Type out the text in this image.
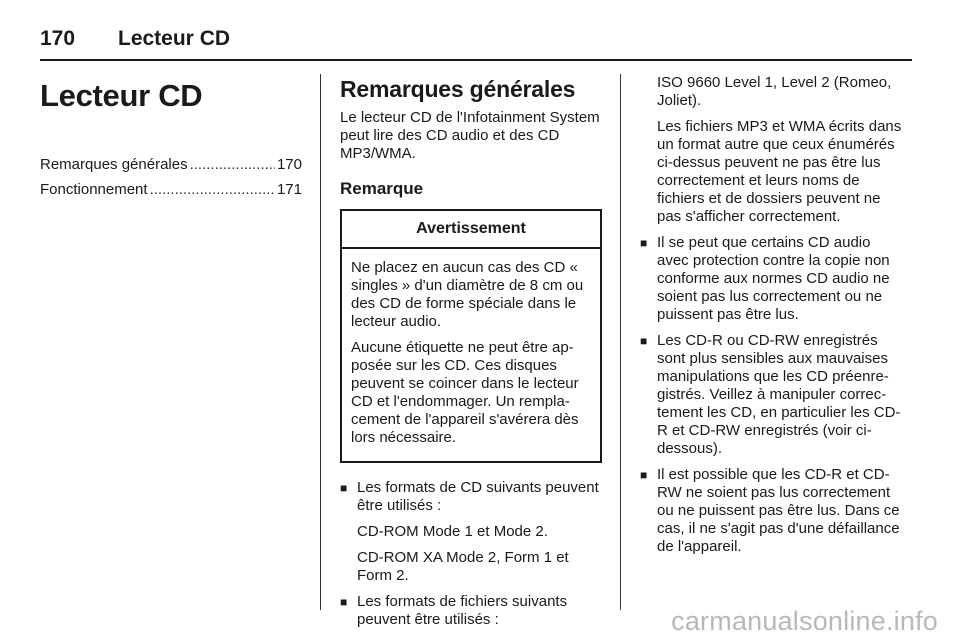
170	Lecteur CD
Lecteur CD
Remarques générales .....	170
Fonctionnement .....	171
Remarques générales

Le lecteur CD de l'Infotainment System peut lire des CD audio et des CD MP3/WMA.

Remarque
Avertissement

Ne placez en aucun cas des CD « singles » d'un diamètre de 8 cm ou des CD de forme spéciale dans le lecteur audio.

Aucune étiquette ne peut être apposée sur les CD. Ces disques peuvent se coincer dans le lecteur CD et l'endommager. Un remplacement de l'appareil s'avérera dès lors nécessaire.

■ Les formats de CD suivants peuvent être utilisés :

CD-ROM Mode 1 et Mode 2.

CD-ROM XA Mode 2, Form 1 et Form 2.

■ Les formats de fichiers suivants peuvent être utilisés :

ISO 9660 Level 1, Level 2 (Romeo, Joliet).

Les fichiers MP3 et WMA écrits dans un format autre que ceux énumérés ci-dessus peuvent ne pas être lus correctement et leurs noms de fichiers et de dossiers peuvent ne pas s'afficher correctement.

■ Il se peut que certains CD audio avec protection contre la copie non conforme aux normes CD audio ne soient pas lus correctement ou ne puissent pas être lus.

■ Les CD-R ou CD-RW enregistrés sont plus sensibles aux mauvaises manipulations que les CD préenregistrés. Veillez à manipuler correctement les CD, en particulier les CD-R et CD-RW enregistrés (voir ci-dessous).

■ Il est possible que les CD-R et CD-RW ne soient pas lus correctement ou ne puissent pas être lus. Dans ce cas, il ne s'agit pas d'une défaillance de l'appareil.

carmanualsonline.info
